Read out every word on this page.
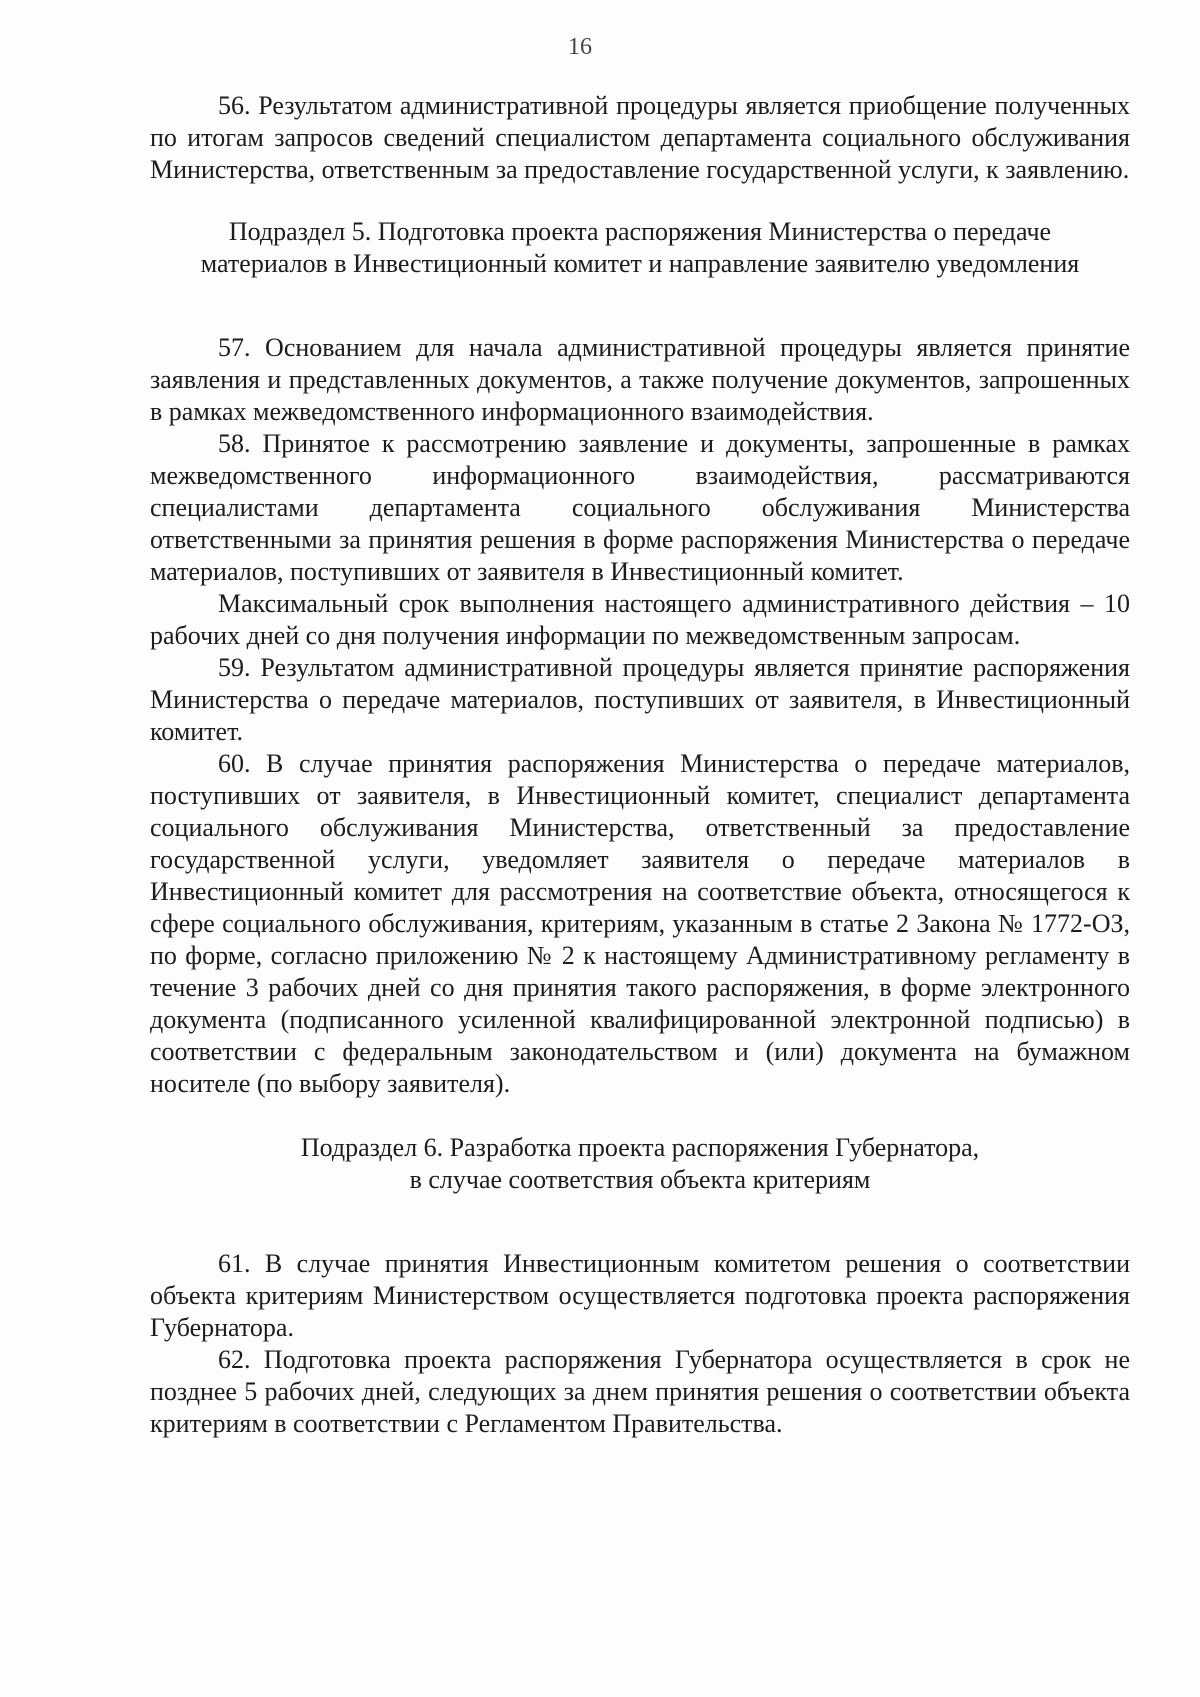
16

56. Результатом административной процедуры является приобщение полученных по итогам запросов сведений специалистом департамента социального обслуживания Министерства, ответственным за предоставление государственной услуги, к заявлению.

Подраздел 5. Подготовка проекта распоряжения Министерства о передаче

материалов в Инвестиционный комитет и направление заявителю уведомления

57. Основанием для начала административной процедуры является принятие заявления и представленных документов, а также получение документов, запрошенных в рамках межведомственного информационного взаимодействия.

58. Принятое к рассмотрению заявление и документы, запрошенные в рамках межведомственного информационного взаимодействия, рассматриваются специалистами департамента социального обслуживания Министерства ответственными за принятия решения в форме распоряжения Министерства о передаче материалов, поступивших от заявителя в Инвестиционный комитет.

Максимальный срок выполнения настоящего административного действия – 10 рабочих дней со дня получения информации по межведомственным запросам.

59. Результатом административной процедуры является принятие распоряжения Министерства о передаче материалов, поступивших от заявителя, в Инвестиционный комитет.

60. В случае принятия распоряжения Министерства о передаче материалов, поступивших от заявителя, в Инвестиционный комитет, специалист департамента социального обслуживания Министерства, ответственный за предоставление государственной услуги, уведомляет заявителя о передаче материалов в Инвестиционный комитет для рассмотрения на соответствие объекта, относящегося к сфере социального обслуживания, критериям, указанным в статье 2 Закона № 1772-ОЗ, по форме, согласно приложению № 2 к настоящему Административному регламенту в течение 3 рабочих дней со дня принятия такого распоряжения, в форме электронного документа (подписанного усиленной квалифицированной электронной подписью) в соответствии с федеральным законодательством и (или) документа на бумажном носителе (по выбору заявителя).

Подраздел 6. Разработка проекта распоряжения Губернатора,

в случае соответствия объекта критериям

61. В случае принятия Инвестиционным комитетом решения о соответствии объекта критериям Министерством осуществляется подготовка проекта распоряжения Губернатора.

62. Подготовка проекта распоряжения Губернатора осуществляется в срок не позднее 5 рабочих дней, следующих за днем принятия решения о соответствии объекта критериям в соответствии с Регламентом Правительства.
